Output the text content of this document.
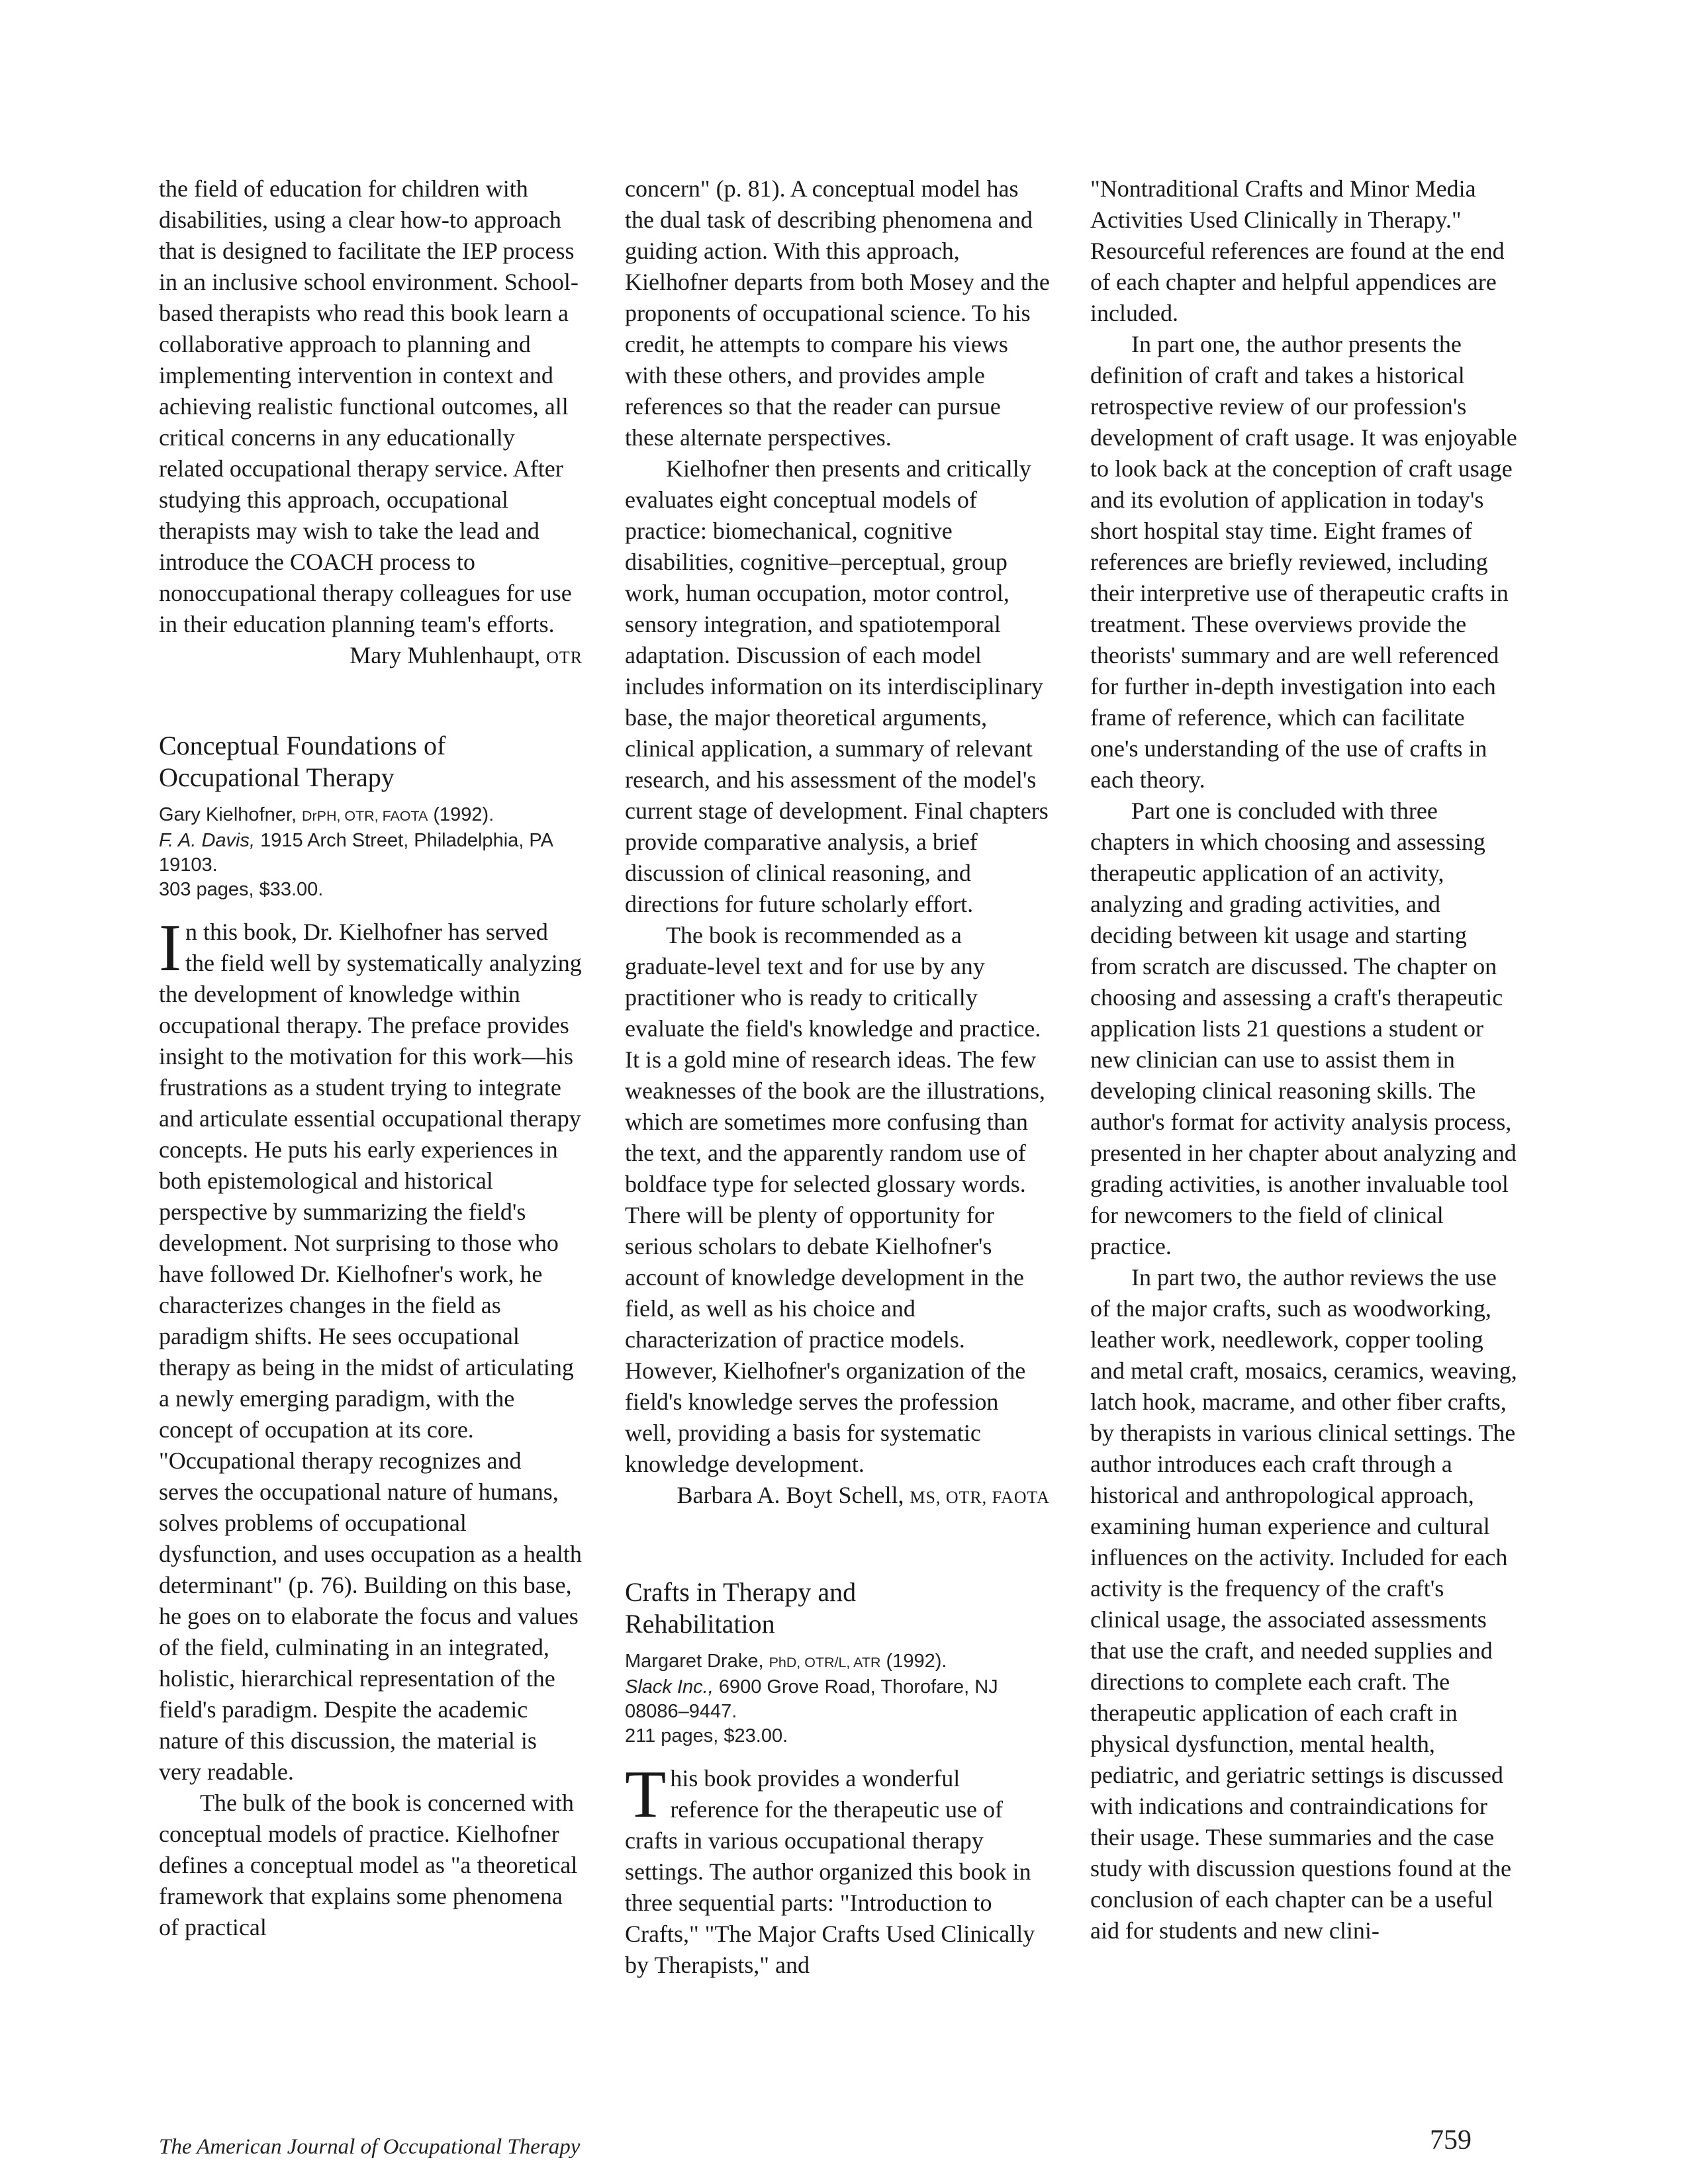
the field of education for children with disabilities, using a clear how-to approach that is designed to facilitate the IEP process in an inclusive school environment. School-based therapists who read this book learn a collaborative approach to planning and implementing intervention in context and achieving realistic functional outcomes, all critical concerns in any educationally related occupational therapy service. After studying this approach, occupational therapists may wish to take the lead and introduce the COACH process to nonoccupational therapy colleagues for use in their education planning team's efforts.

Mary Muhlenhaupt, OTR

Conceptual Foundations of
Occupational Therapy
Gary Kielhofner, DrPH, OTR, FAOTA (1992).
F. A. Davis, 1915 Arch Street, Philadelphia, PA 19103.
303 pages, $33.00.

In this book, Dr. Kielhofner has served the field well by systematically analyzing the development of knowledge within occupational therapy. The preface provides insight to the motivation for this work—his frustrations as a student trying to integrate and articulate essential occupational therapy concepts. He puts his early experiences in both epistemological and historical perspective by summarizing the field's development. Not surprising to those who have followed Dr. Kielhofner's work, he characterizes changes in the field as paradigm shifts. He sees occupational therapy as being in the midst of articulating a newly emerging paradigm, with the concept of occupation at its core. "Occupational therapy recognizes and serves the occupational nature of humans, solves problems of occupational dysfunction, and uses occupation as a health determinant" (p. 76). Building on this base, he goes on to elaborate the focus and values of the field, culminating in an integrated, holistic, hierarchical representation of the field's paradigm. Despite the academic nature of this discussion, the material is very readable.

The bulk of the book is concerned with conceptual models of practice. Kielhofner defines a conceptual model as "a theoretical framework that explains some phenomena of practical

concern" (p. 81). A conceptual model has the dual task of describing phenomena and guiding action. With this approach, Kielhofner departs from both Mosey and the proponents of occupational science. To his credit, he attempts to compare his views with these others, and provides ample references so that the reader can pursue these alternate perspectives.

Kielhofner then presents and critically evaluates eight conceptual models of practice: biomechanical, cognitive disabilities, cognitive–perceptual, group work, human occupation, motor control, sensory integration, and spatiotemporal adaptation. Discussion of each model includes information on its interdisciplinary base, the major theoretical arguments, clinical application, a summary of relevant research, and his assessment of the model's current stage of development. Final chapters provide comparative analysis, a brief discussion of clinical reasoning, and directions for future scholarly effort.

The book is recommended as a graduate-level text and for use by any practitioner who is ready to critically evaluate the field's knowledge and practice. It is a gold mine of research ideas. The few weaknesses of the book are the illustrations, which are sometimes more confusing than the text, and the apparently random use of boldface type for selected glossary words. There will be plenty of opportunity for serious scholars to debate Kielhofner's account of knowledge development in the field, as well as his choice and characterization of practice models. However, Kielhofner's organization of the field's knowledge serves the profession well, providing a basis for systematic knowledge development.

Barbara A. Boyt Schell, MS, OTR, FAOTA

Crafts in Therapy and
Rehabilitation
Margaret Drake, PhD, OTR/L, ATR (1992).
Slack Inc., 6900 Grove Road, Thorofare, NJ 08086–9447.
211 pages, $23.00.

This book provides a wonderful reference for the therapeutic use of crafts in various occupational therapy settings. The author organized this book in three sequential parts: "Introduction to Crafts," "The Major Crafts Used Clinically by Therapists," and

"Nontraditional Crafts and Minor Media Activities Used Clinically in Therapy." Resourceful references are found at the end of each chapter and helpful appendices are included.

In part one, the author presents the definition of craft and takes a historical retrospective review of our profession's development of craft usage. It was enjoyable to look back at the conception of craft usage and its evolution of application in today's short hospital stay time. Eight frames of references are briefly reviewed, including their interpretive use of therapeutic crafts in treatment. These overviews provide the theorists' summary and are well referenced for further in-depth investigation into each frame of reference, which can facilitate one's understanding of the use of crafts in each theory.

Part one is concluded with three chapters in which choosing and assessing therapeutic application of an activity, analyzing and grading activities, and deciding between kit usage and starting from scratch are discussed. The chapter on choosing and assessing a craft's therapeutic application lists 21 questions a student or new clinician can use to assist them in developing clinical reasoning skills. The author's format for activity analysis process, presented in her chapter about analyzing and grading activities, is another invaluable tool for newcomers to the field of clinical practice.

In part two, the author reviews the use of the major crafts, such as woodworking, leather work, needlework, copper tooling and metal craft, mosaics, ceramics, weaving, latch hook, macrame, and other fiber crafts, by therapists in various clinical settings. The author introduces each craft through a historical and anthropological approach, examining human experience and cultural influences on the activity. Included for each activity is the frequency of the craft's clinical usage, the associated assessments that use the craft, and needed supplies and directions to complete each craft. The therapeutic application of each craft in physical dysfunction, mental health, pediatric, and geriatric settings is discussed with indications and contraindications for their usage. These summaries and the case study with discussion questions found at the conclusion of each chapter can be a useful aid for students and new clini-

The American Journal of Occupational Therapy	759
